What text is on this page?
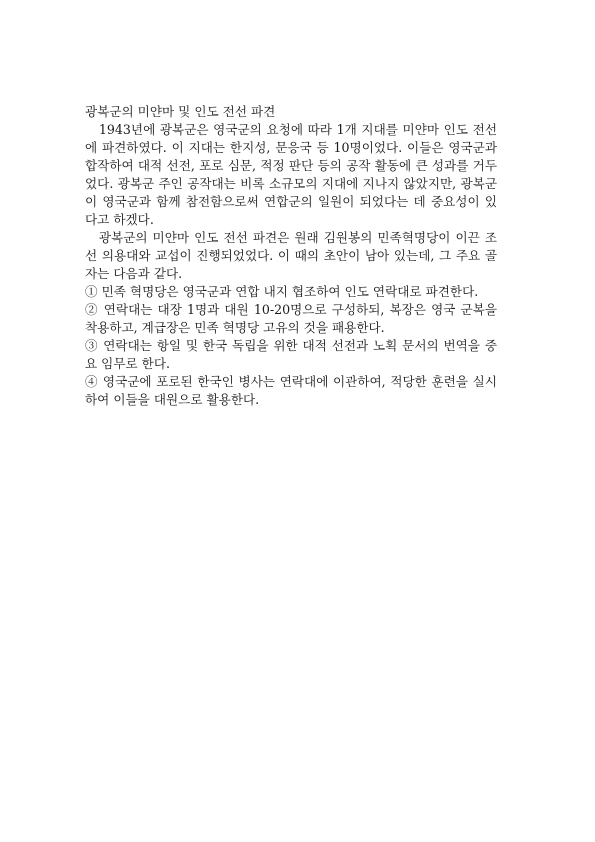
광복군의 미얀마 및 인도 전선 파견

1943년에 광복군은 영국군의 요청에 따라 1개 지대를 미얀마 인도 전선에 파견하였다. 이 지대는 한지성, 문응국 등 10명이었다. 이들은 영국군과 합작하여 대적 선전, 포로 심문, 적정 판단 등의 공작 활동에 큰 성과를 거두었다. 광복군 주인 공작대는 비록 소규모의 지대에 지나지 않았지만, 광복군이 영국군과 함께 참전함으로써 연합군의 일원이 되었다는 데 중요성이 있다고 하겠다.

광복군의 미얀마 인도 전선 파견은 원래 김원봉의 민족혁명당이 이끈 조선 의용대와 교섭이 진행되었었다. 이 때의 초안이 남아 있는데, 그 주요 골자는 다음과 같다.

① 민족 혁명당은 영국군과 연합 내지 협조하여 인도 연락대로 파견한다.

② 연락대는 대장 1명과 대원 10-20명으로 구성하되, 복장은 영국 군복을 착용하고, 계급장은 민족 혁명당 고유의 것을 패용한다.

③ 연락대는 항일 및 한국 독립을 위한 대적 선전과 노획 문서의 번역을 중요 임무로 한다.

④ 영국군에 포로된 한국인 병사는 연락대에 이관하여, 적당한 훈련을 실시하여 이들을 대원으로 활용한다.
